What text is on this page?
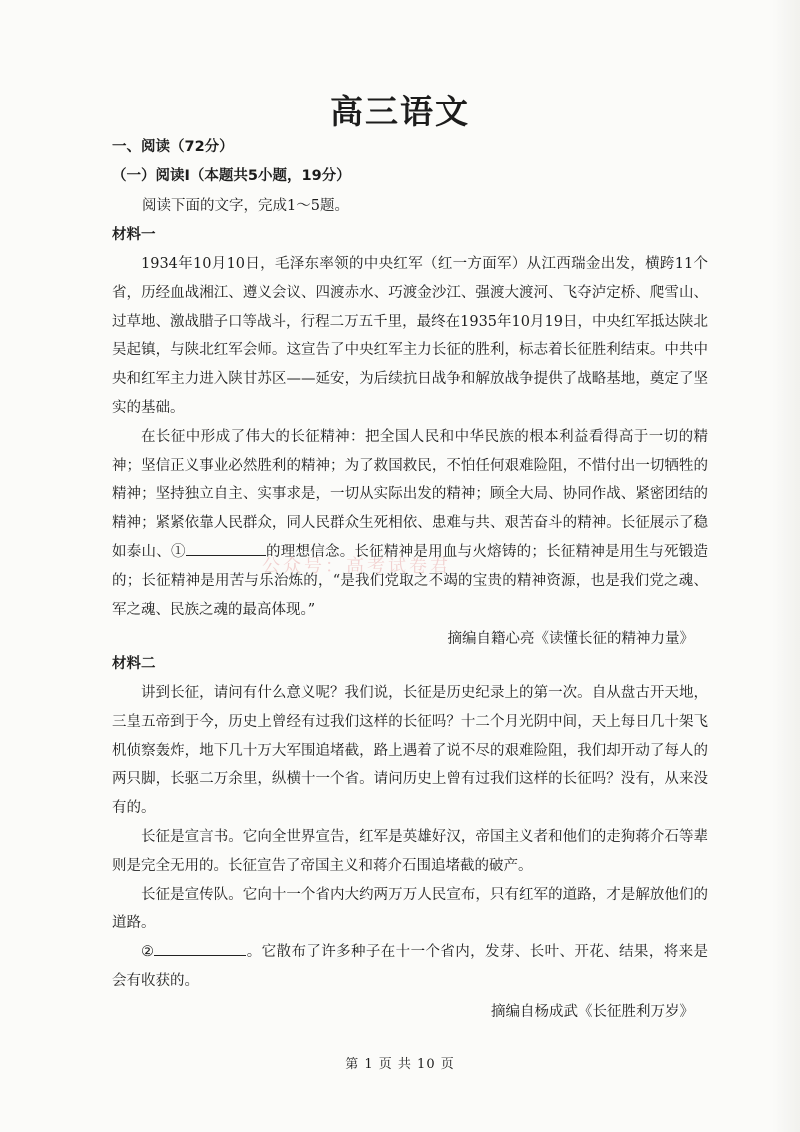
高三语文
一、阅读（72分）
（一）阅读Ⅰ（本题共5小题，19分）
阅读下面的文字，完成1～5题。
材料一

1934年10月10日，毛泽东率领的中央红军（红一方面军）从江西瑞金出发，横跨11个省，历经血战湘江、遵义会议、四渡赤水、巧渡金沙江、强渡大渡河、飞夺泸定桥、爬雪山、过草地、激战腊子口等战斗，行程二万五千里，最终在1935年10月19日，中央红军抵达陕北吴起镇，与陕北红军会师。这宣告了中央红军主力长征的胜利，标志着长征胜利结束。中共中央和红军主力进入陕甘苏区——延安，为后续抗日战争和解放战争提供了战略基地，奠定了坚实的基础。

在长征中形成了伟大的长征精神：把全国人民和中华民族的根本利益看得高于一切的精神；坚信正义事业必然胜利的精神；为了救国救民，不怕任何艰难险阻，不惜付出一切牺牲的精神；坚持独立自主、实事求是，一切从实际出发的精神；顾全大局、协同作战、紧密团结的精神；紧紧依靠人民群众，同人民群众生死相依、患难与共、艰苦奋斗的精神。长征展示了稳如泰山、①	的理想信念。长征精神是用血与火熔铸的；长征精神是用生与死锻造的；长征精神是用苦与乐治炼的，“是我们党取之不竭的宝贵的精神资源，也是我们党之魂、军之魂、民族之魂的最高体现。”

摘编自籍心亮《读懂长征的精神力量》
材料二

讲到长征，请问有什么意义呢？我们说，长征是历史纪录上的第一次。自从盘古开天地，三皇五帝到于今，历史上曾经有过我们这样的长征吗？十二个月光阴中间，天上每日几十架飞机侦察轰炸，地下几十万大军围追堵截，路上遇着了说不尽的艰难险阻，我们却开动了每人的两只脚，长驱二万余里，纵横十一个省。请问历史上曾有过我们这样的长征吗？没有，从来没有的。

长征是宣言书。它向全世界宣告，红军是英雄好汉，帝国主义者和他们的走狗蒋介石等辈则是完全无用的。长征宣告了帝国主义和蒋介石围追堵截的破产。

长征是宣传队。它向十一个省内大约两万万人民宣布，只有红军的道路，才是解放他们的道路。

②	。它散布了许多种子在十一个省内，发芽、长叶、开花、结果，将来是会有收获的。

摘编自杨成武《长征胜利万岁》
公众号：高考试卷君
第 1 页 共 10 页
